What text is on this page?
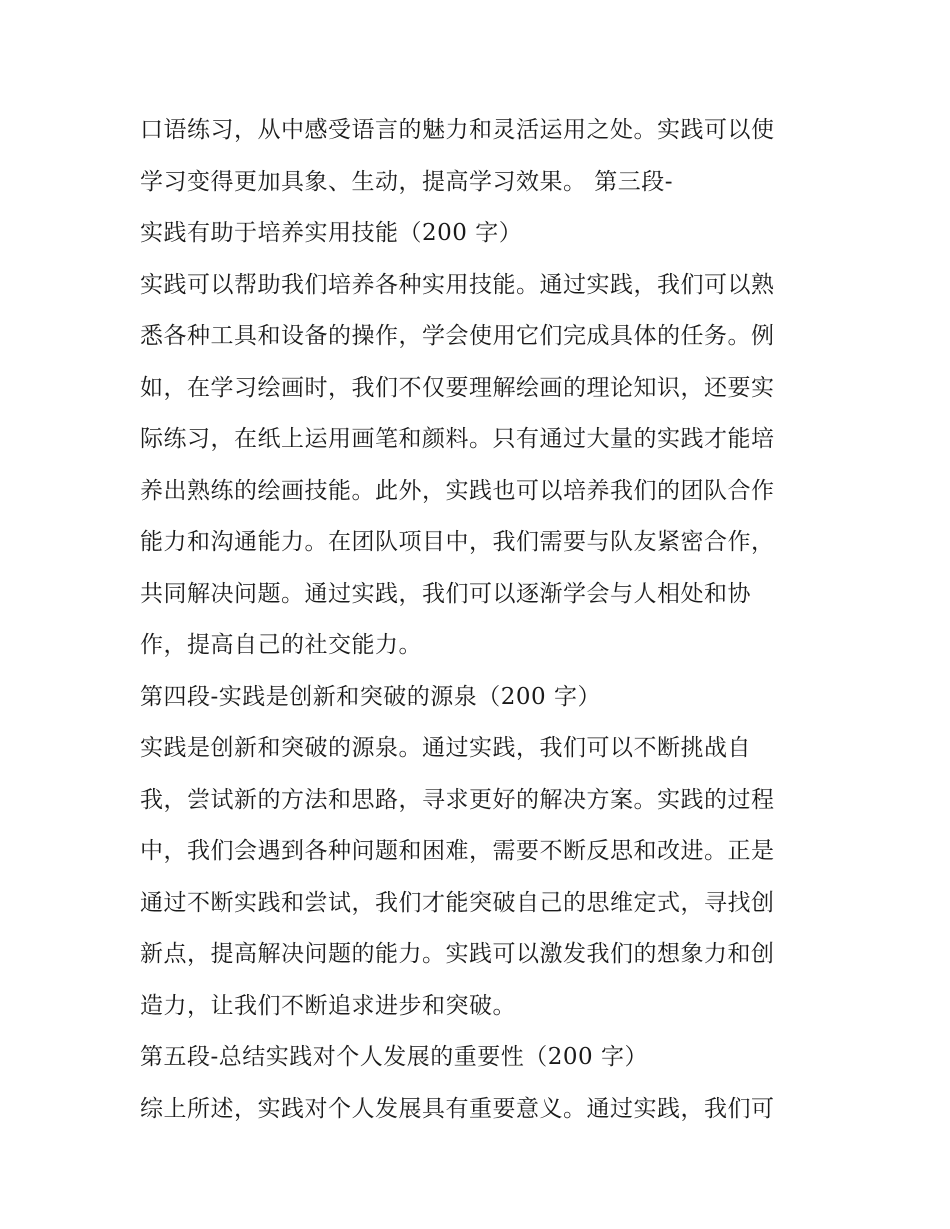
口语练习，从中感受语言的魅力和灵活运用之处。实践可以使
学习变得更加具象、生动，提高学习效果。 第三段-
实践有助于培养实用技能（200 字）
实践可以帮助我们培养各种实用技能。通过实践，我们可以熟
悉各种工具和设备的操作，学会使用它们完成具体的任务。例
如，在学习绘画时，我们不仅要理解绘画的理论知识，还要实
际练习，在纸上运用画笔和颜料。只有通过大量的实践才能培
养出熟练的绘画技能。此外，实践也可以培养我们的团队合作
能力和沟通能力。在团队项目中，我们需要与队友紧密合作，
共同解决问题。通过实践，我们可以逐渐学会与人相处和协
作，提高自己的社交能力。
第四段-实践是创新和突破的源泉（200 字）
实践是创新和突破的源泉。通过实践，我们可以不断挑战自
我，尝试新的方法和思路，寻求更好的解决方案。实践的过程
中，我们会遇到各种问题和困难，需要不断反思和改进。正是
通过不断实践和尝试，我们才能突破自己的思维定式，寻找创
新点，提高解决问题的能力。实践可以激发我们的想象力和创
造力，让我们不断追求进步和突破。
第五段-总结实践对个人发展的重要性（200 字）
综上所述，实践对个人发展具有重要意义。通过实践，我们可
